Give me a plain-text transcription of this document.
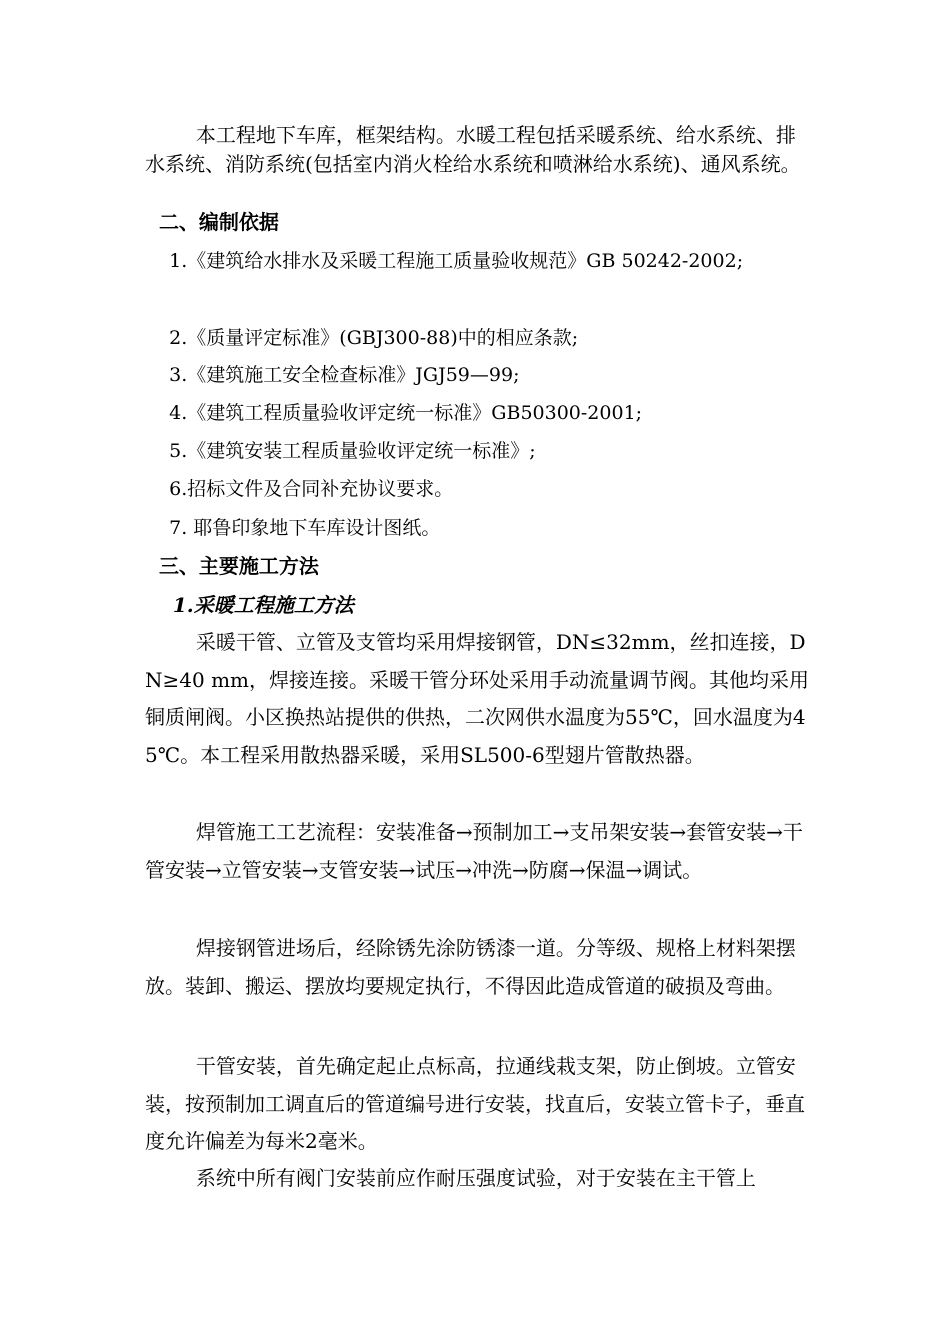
本工程地下车库，框架结构。水暖工程包括采暖系统、给水系统、排水系统、消防系统(包括室内消火栓给水系统和喷淋给水系统)、通风系统。

二、编制依据

1.《建筑给水排水及采暖工程施工质量验收规范》GB 50242-2002;

2.《质量评定标准》(GBJ300-88)中的相应条款;

3.《建筑施工安全检查标准》JGJ59—99;

4.《建筑工程质量验收评定统一标准》GB50300-2001;

5.《建筑安装工程质量验收评定统一标准》;

6.招标文件及合同补充协议要求。

7. 耶鲁印象地下车库设计图纸。

三、主要施工方法
1.采暖工程施工方法

采暖干管、立管及支管均采用焊接钢管，DN≤32mm，丝扣连接，DN≥40 mm，焊接连接。采暖干管分环处采用手动流量调节阀。其他均采用铜质闸阀。小区换热站提供的供热，二次网供水温度为55℃，回水温度为45℃。本工程采用散热器采暖，采用SL500-6型翅片管散热器。

焊管施工工艺流程：安装准备→预制加工→支吊架安装→套管安装→干管安装→立管安装→支管安装→试压→冲洗→防腐→保温→调试。

焊接钢管进场后，经除锈先涂防锈漆一道。分等级、规格上材料架摆放。装卸、搬运、摆放均要规定执行，不得因此造成管道的破损及弯曲。

干管安装，首先确定起止点标高，拉通线栽支架，防止倒坡。立管安装，按预制加工调直后的管道编号进行安装，找直后，安装立管卡子，垂直度允许偏差为每米2毫米。

系统中所有阀门安装前应作耐压强度试验，对于安装在主干管上
